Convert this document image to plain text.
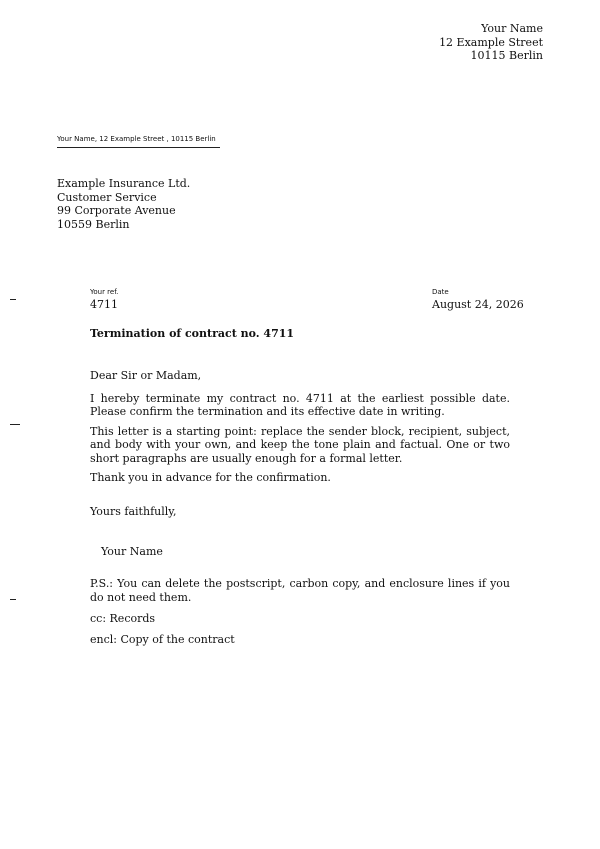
Your Name
12 Example Street
10115 Berlin
Your Name, 12 Example Street , 10115 Berlin
Example Insurance Ltd.
Customer Service
99 Corporate Avenue
10559 Berlin
Your ref.
4711
Date
August 24, 2026
Termination of contract no. 4711

Dear Sir or Madam,

I hereby terminate my contract no. 4711 at the earliest possible date. Please confirm the termination and its effective date in writing.

This letter is a starting point: replace the sender block, recipient, subject, and body with your own, and keep the tone plain and factual. One or two short paragraphs are usually enough for a formal letter.

Thank you in advance for the confirmation.

Yours faithfully,
Your Name
P.S.: You can delete the postscript, carbon copy, and enclosure lines if you do not need them.
cc: Records
encl: Copy of the contract
